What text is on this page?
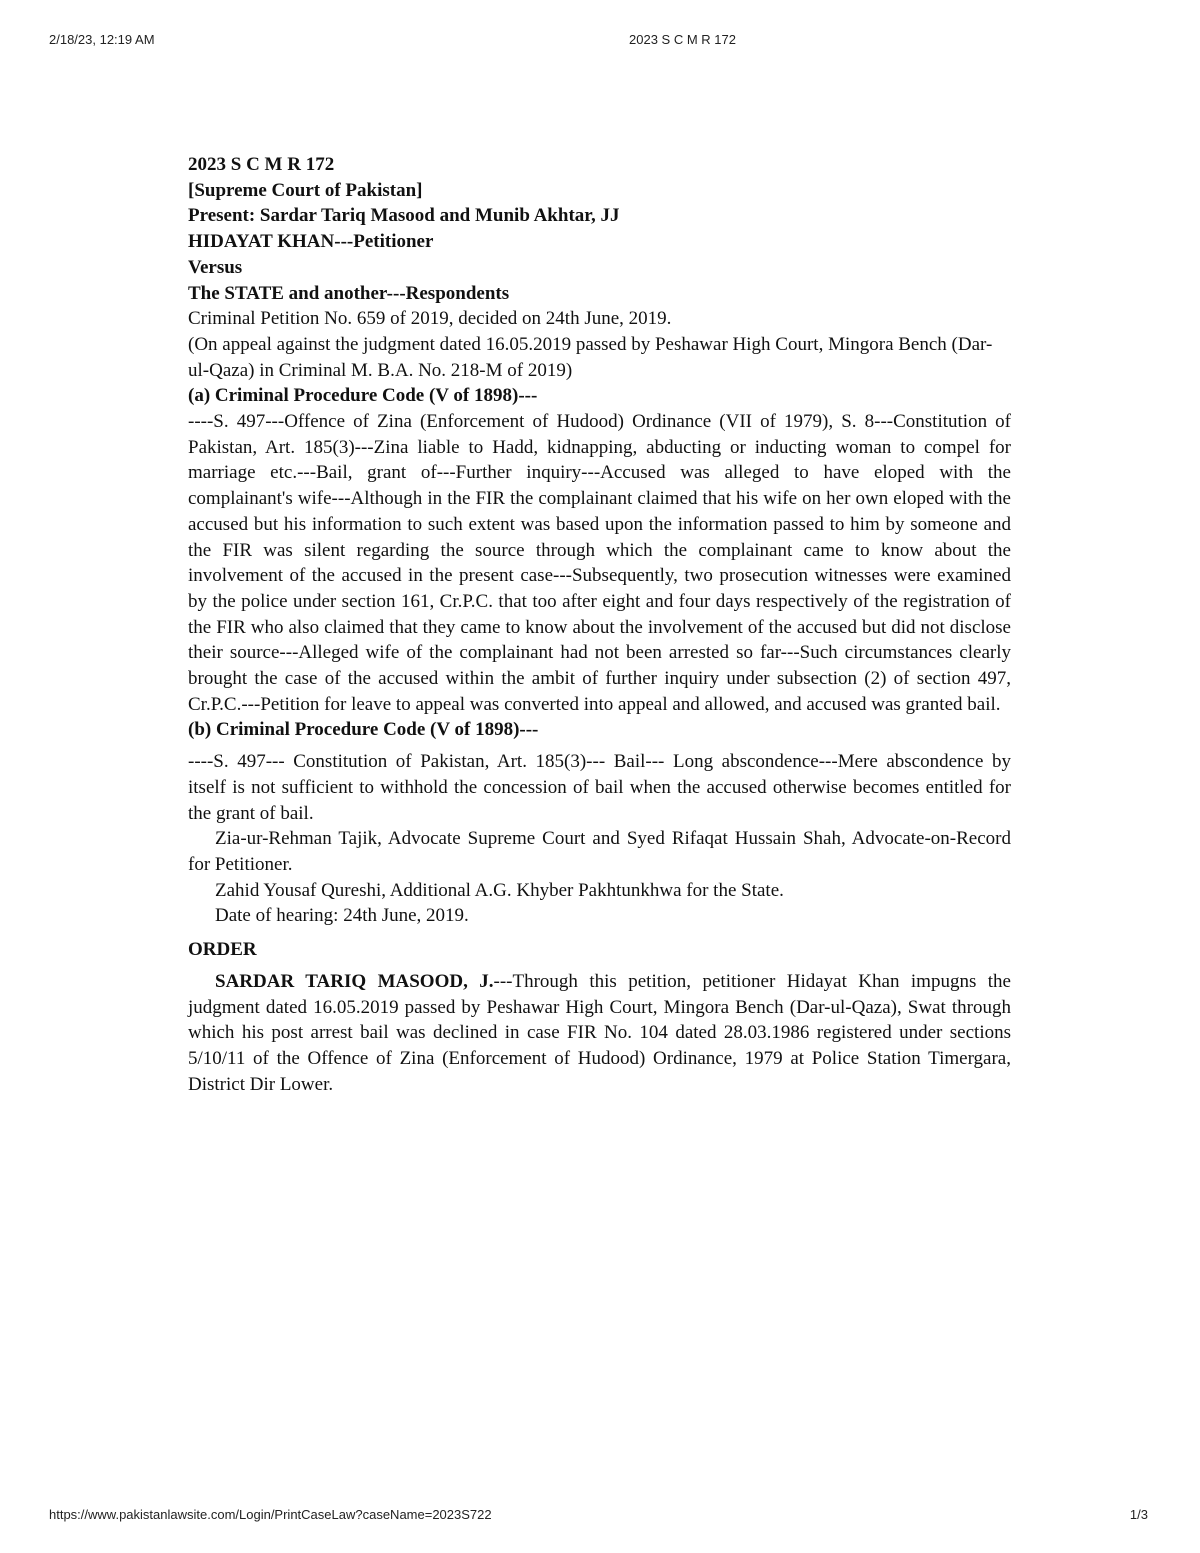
2/18/23, 12:19 AM	2023 S C M R 172

2023 S C M R 172

[Supreme Court of Pakistan]

Present: Sardar Tariq Masood and Munib Akhtar, JJ

HIDAYAT KHAN---Petitioner

Versus

The STATE and another---Respondents

Criminal Petition No. 659 of 2019, decided on 24th June, 2019.

(On appeal against the judgment dated 16.05.2019 passed by Peshawar High Court, Mingora Bench (Dar-ul-Qaza) in Criminal M. B.A. No. 218-M of 2019)

(a) Criminal Procedure Code (V of 1898)---

----S. 497---Offence of Zina (Enforcement of Hudood) Ordinance (VII of 1979), S. 8---Constitution of Pakistan, Art. 185(3)---Zina liable to Hadd, kidnapping, abducting or inducting woman to compel for marriage etc.---Bail, grant of---Further inquiry---Accused was alleged to have eloped with the complainant's wife---Although in the FIR the complainant claimed that his wife on her own eloped with the accused but his information to such extent was based upon the information passed to him by someone and the FIR was silent regarding the source through which the complainant came to know about the involvement of the accused in the present case---Subsequently, two prosecution witnesses were examined by the police under section 161, Cr.P.C. that too after eight and four days respectively of the registration of the FIR who also claimed that they came to know about the involvement of the accused but did not disclose their source---Alleged wife of the complainant had not been arrested so far---Such circumstances clearly brought the case of the accused within the ambit of further inquiry under subsection (2) of section 497, Cr.P.C.---Petition for leave to appeal was converted into appeal and allowed, and accused was granted bail.

(b) Criminal Procedure Code (V of 1898)---

----S. 497--- Constitution of Pakistan, Art. 185(3)--- Bail--- Long abscondence---Mere abscondence by itself is not sufficient to withhold the concession of bail when the accused otherwise becomes entitled for the grant of bail.

Zia-ur-Rehman Tajik, Advocate Supreme Court and Syed Rifaqat Hussain Shah, Advocate-on-Record for Petitioner.

Zahid Yousaf Qureshi, Additional A.G. Khyber Pakhtunkhwa for the State.

Date of hearing: 24th June, 2019.

ORDER

SARDAR TARIQ MASOOD, J.---Through this petition, petitioner Hidayat Khan impugns the judgment dated 16.05.2019 passed by Peshawar High Court, Mingora Bench (Dar-ul-Qaza), Swat through which his post arrest bail was declined in case FIR No. 104 dated 28.03.1986 registered under sections 5/10/11 of the Offence of Zina (Enforcement of Hudood) Ordinance, 1979 at Police Station Timergara, District Dir Lower.

https://www.pakistanlawsite.com/Login/PrintCaseLaw?caseName=2023S722	1/3
